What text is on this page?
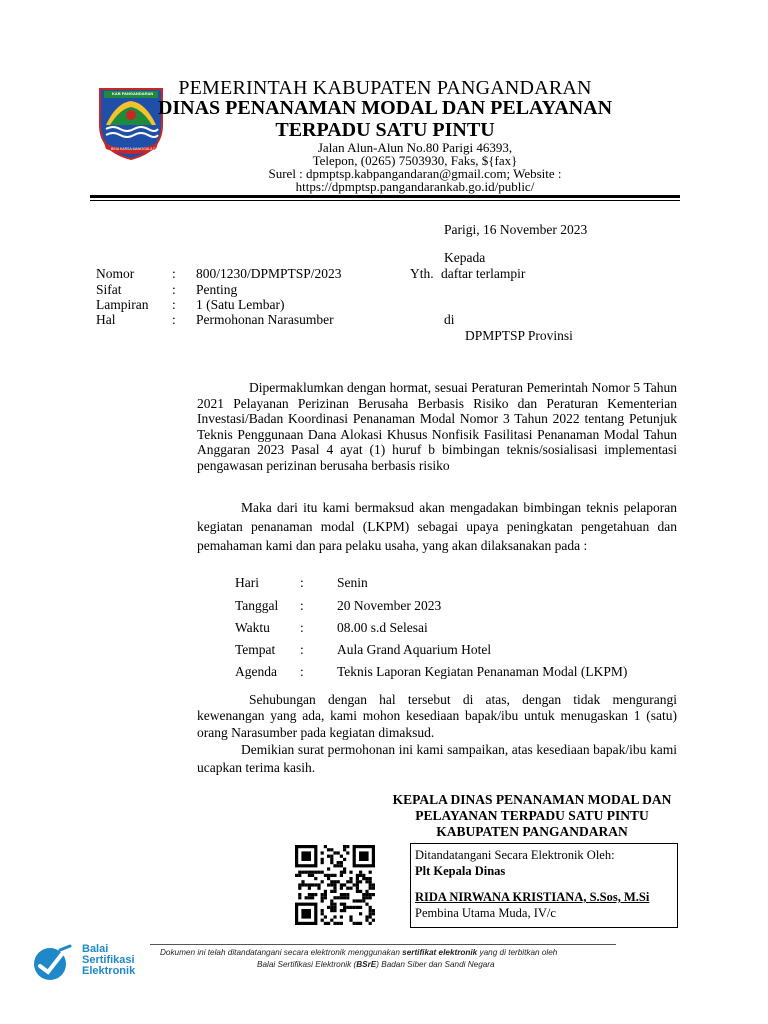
KAB PANGANDARAN
BINA KARSA MANGGALA DAYA
PEMERINTAH KABUPATEN PANGANDARAN
DINAS PENANAMAN MODAL DAN PELAYANAN
TERPADU SATU PINTU
Jalan Alun-Alun No.80 Parigi 46393,
Telepon, (0265) 7503930, Faks, ${fax}
Surel : dpmptsp.kabpangandaran@gmail.com; Website :
https://dpmptsp.pangandarankab.go.id/public/
Parigi, 16 November 2023
Kepada
Yth. daftar terlampir
di
DPMPTSP Provinsi
Nomor	: 800/1230/DPMPTSP/2023
Sifat	: Penting
Lampiran : 1 (Satu Lembar)
Hal	: Permohonan Narasumber

Dipermaklumkan dengan hormat, sesuai Peraturan Pemerintah Nomor 5 Tahun 2021 Pelayanan Perizinan Berusaha Berbasis Risiko dan Peraturan Kementerian Investasi/Badan Koordinasi Penanaman Modal Nomor 3 Tahun 2022 tentang Petunjuk Teknis Penggunaan Dana Alokasi Khusus Nonfisik Fasilitasi Penanaman Modal Tahun Anggaran 2023 Pasal 4 ayat (1) huruf b bimbingan teknis/sosialisasi implementasi pengawasan perizinan berusaha berbasis risiko

Maka dari itu kami bermaksud akan mengadakan bimbingan teknis pelaporan kegiatan penanaman modal (LKPM) sebagai upaya peningkatan pengetahuan dan pemahaman kami dan para pelaku usaha, yang akan dilaksanakan pada :

Hari	: Senin
Tanggal : 20 November 2023
Waktu : 08.00 s.d Selesai
Tempat : Aula Grand Aquarium Hotel
Agenda : Teknis Laporan Kegiatan Penanaman Modal (LKPM)

Sehubungan dengan hal tersebut di atas, dengan tidak mengurangi kewenangan yang ada, kami mohon kesediaan bapak/ibu untuk menugaskan 1 (satu) orang Narasumber pada kegiatan dimaksud.

Demikian surat permohonan ini kami sampaikan, atas kesediaan bapak/ibu kami ucapkan terima kasih.

KEPALA DINAS PENANAMAN MODAL DAN
PELAYANAN TERPADU SATU PINTU
KABUPATEN PANGANDARAN
Ditandatangani Secara Elektronik Oleh:
Plt Kepala Dinas
RIDA NIRWANA KRISTIANA, S.Sos, M.Si
Pembina Utama Muda, IV/c
Balai
Sertifikasi
Elektronik
Dokumen ini telah ditandatangani secara elektronik menggunakan sertifikat elektronik yang di terbitkan oleh
Balai Sertifikasi Elektronik (BSrE) Badan Siber dan Sandi Negara
